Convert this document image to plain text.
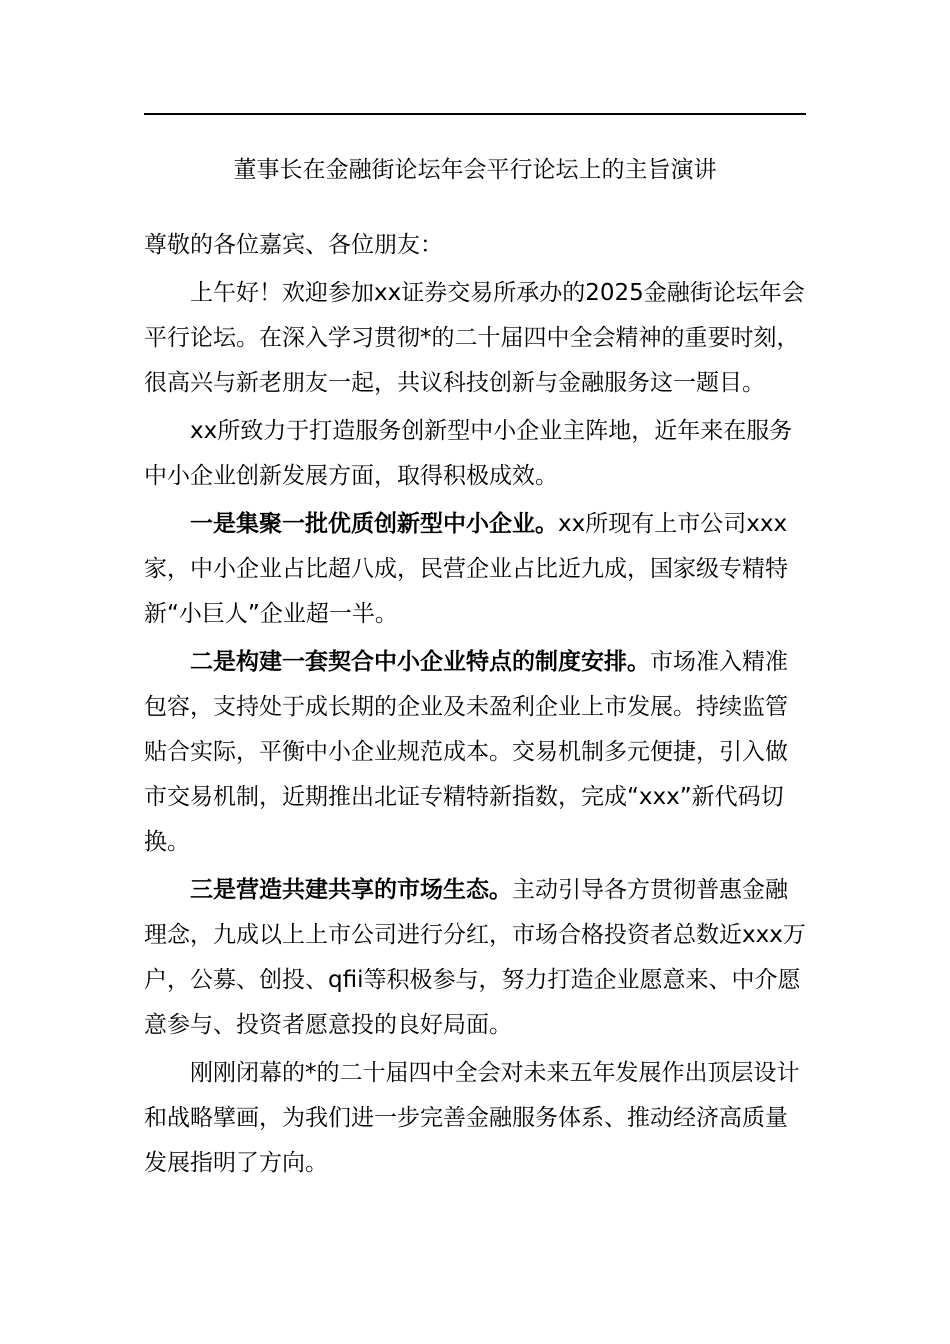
董事长在金融街论坛年会平行论坛上的主旨演讲

尊敬的各位嘉宾、各位朋友：

上午好！欢迎参加xx证券交易所承办的2025金融街论坛年会平行论坛。在深入学习贯彻*的二十届四中全会精神的重要时刻，很高兴与新老朋友一起，共议科技创新与金融服务这一题目。

xx所致力于打造服务创新型中小企业主阵地，近年来在服务中小企业创新发展方面，取得积极成效。

一是集聚一批优质创新型中小企业。xx所现有上市公司xxx家，中小企业占比超八成，民营企业占比近九成，国家级专精特新“小巨人”企业超一半。

二是构建一套契合中小企业特点的制度安排。市场准入精准包容，支持处于成长期的企业及未盈利企业上市发展。持续监管贴合实际，平衡中小企业规范成本。交易机制多元便捷，引入做市交易机制，近期推出北证专精特新指数，完成“xxx”新代码切换。

三是营造共建共享的市场生态。主动引导各方贯彻普惠金融理念，九成以上上市公司进行分红，市场合格投资者总数近xxx万户，公募、创投、qfii等积极参与，努力打造企业愿意来、中介愿意参与、投资者愿意投的良好局面。

刚刚闭幕的*的二十届四中全会对未来五年发展作出顶层设计和战略擘画，为我们进一步完善金融服务体系、推动经济高质量发展指明了方向。
